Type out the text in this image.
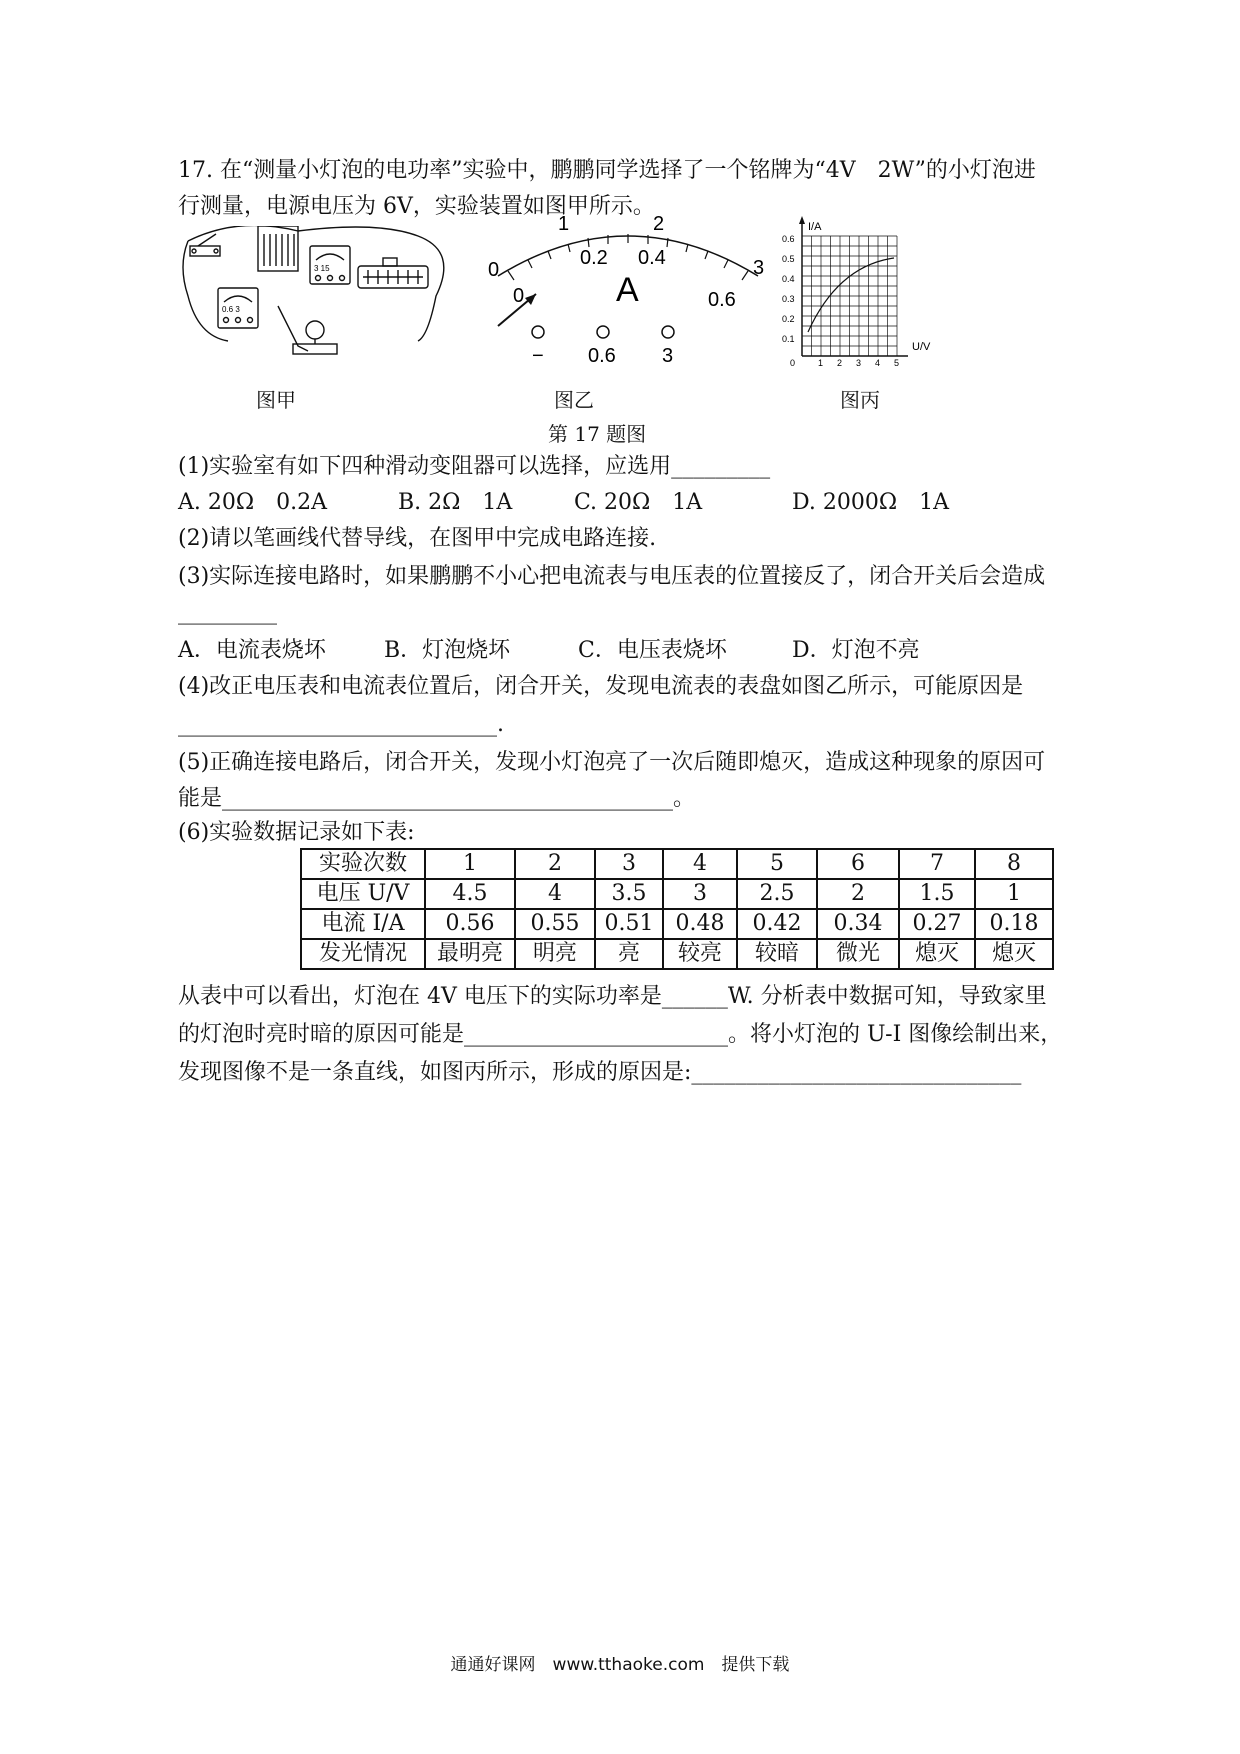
17. 在“测量小灯泡的电功率”实验中，鹏鹏同学选择了一个铭牌为“4V　2W”的小灯泡进
行测量，电源电压为 6V，实验装置如图甲所示。
3 15
0.6 3
0
1	2
3
0
0.2 0.4
0.6
A
− 0.6 3
I/A
U/V
0.6
0.5
0.4
0.3
0.2
0.1
0	1 2 3 4 5
图甲	图乙	图丙
第 17 题图
(1)实验室有如下四种滑动变阻器可以选择，应选用_________
A. 20Ω　0.2A	B. 2Ω　1A	C. 20Ω　1A	D. 2000Ω　1A
(2)请以笔画线代替导线，在图甲中完成电路连接.
(3)实际连接电路时，如果鹏鹏不小心把电流表与电压表的位置接反了，闭合开关后会造成
_________
A．电流表烧坏	B．灯泡烧坏	C．电压表烧坏	D．灯泡不亮
(4)改正电压表和电流表位置后，闭合开关，发现电流表的表盘如图乙所示，可能原因是
_____________________________.
(5)正确连接电路后，闭合开关，发现小灯泡亮了一次后随即熄灭，造成这种现象的原因可
能是_________________________________________。
(6)实验数据记录如下表:
实验次数	1	2	3	4	5	6	7	8
电压 U/V	4.5	4	3.5	3	2.5	2	1.5	1
电流 I/A	0.56	0.55	0.51	0.48	0.42	0.34	0.27	0.18
发光情况	最明亮	明亮	亮	较亮	较暗	微光	熄灭	熄灭
从表中可以看出，灯泡在 4V 电压下的实际功率是______W. 分析表中数据可知，导致家里
的灯泡时亮时暗的原因可能是________________________。将小灯泡的 U-I 图像绘制出来，
发现图像不是一条直线，如图丙所示，形成的原因是:______________________________
通通好课网　www.tthaoke.com　提供下载
